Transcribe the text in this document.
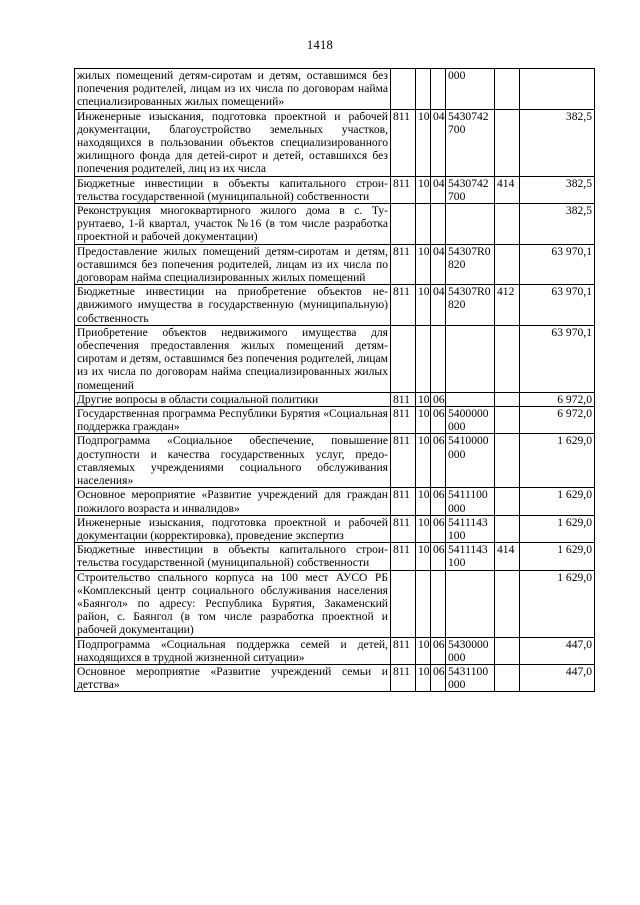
1418
жилых помещений детям-сиротам и детям, оставшимся без попечения родителей, лицам из их числа по договорам найма специализированных жилых помещений»				000		
Инженерные изыскания, подготовка проектной и рабочей документации, благоустройство земельных участков, находящихся в пользовании объектов специализированного жилищного фонда для детей-сирот и детей, оставшихся без попечения родителей, лиц из их числа	811	10	04	5430742 700		382,5
Бюджетные инвестиции в объекты капитального строительства государственной (муниципальной) собственности	811	10	04	5430742 700	414	382,5
Реконструкция многоквартирного жилого дома в с. Турунтаево, 1-й квартал, участок №16 (в том числе разработка проектной и рабочей документации)						382,5
Предоставление жилых помещений детям-сиротам и детям, оставшимся без попечения родителей, лицам из их числа по договорам найма специализированных жилых помещений	811	10	04	54307R0 820		63 970,1
Бюджетные инвестиции на приобретение объектов недвижимого имущества в государственную (муниципальную) собственность	811	10	04	54307R0 820	412	63 970,1
Приобретение объектов недвижимого имущества для обеспечения предоставления жилых помещений детям-сиротам и детям, оставшимся без попечения родителей, лицам из их числа по договорам найма специализированных жилых помещений						63 970,1
Другие вопросы в области социальной политики	811	10	06			6 972,0
Государственная программа Республики Бурятия «Социальная поддержка граждан»	811	10	06	5400000 000		6 972,0
Подпрограмма «Социальное обеспечение, повышение доступности и качества государственных услуг, предоставляемых учреждениями социального обслуживания населения»	811	10	06	5410000 000		1 629,0
Основное мероприятие «Развитие учреждений для граждан пожилого возраста и инвалидов»	811	10	06	5411100 000		1 629,0
Инженерные изыскания, подготовка проектной и рабочей документации (корректировка), проведение экспертиз	811	10	06	5411143 100		1 629,0
Бюджетные инвестиции в объекты капитального строительства государственной (муниципальной) собственности	811	10	06	5411143 100	414	1 629,0
Строительство спального корпуса на 100 мест АУСО РБ «Комплексный центр социального обслуживания населения «Баянгол» по адресу: Республика Бурятия, Закаменский район, с. Баянгол (в том числе разработка проектной и рабочей документации)						1 629,0
Подпрограмма «Социальная поддержка семей и детей, находящихся в трудной жизненной ситуации»	811	10	06	5430000 000		447,0
Основное мероприятие «Развитие учреждений семьи и детства»	811	10	06	5431100 000		447,0
